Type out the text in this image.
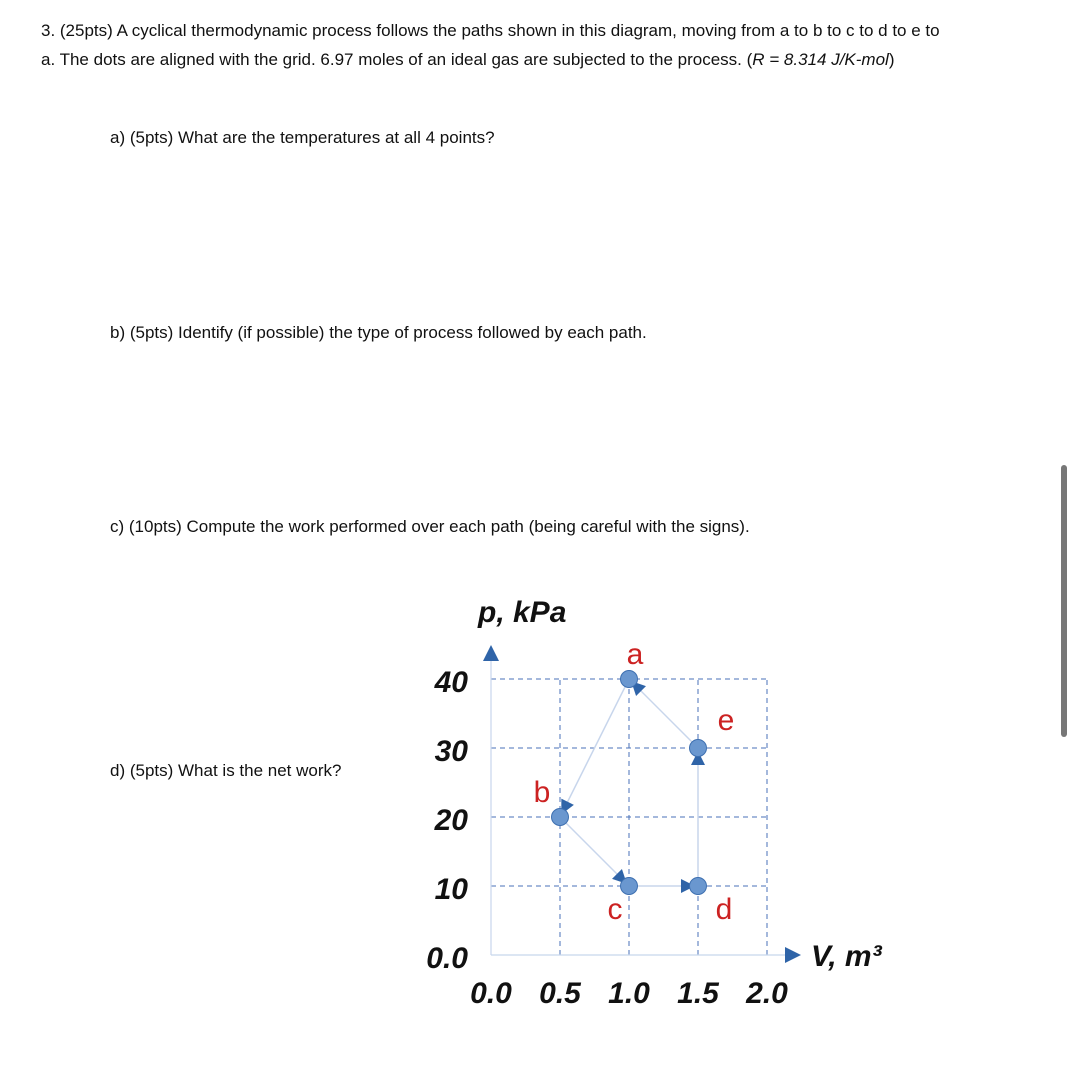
3. (25pts) A cyclical thermodynamic process follows the paths shown in this diagram, moving from a to b to c to d to e to a. The dots are aligned with the grid. 6.97 moles of an ideal gas are subjected to the process. (R = 8.314 J/K-mol)
a) (5pts) What are the temperatures at all 4 points?
b) (5pts) Identify (if possible) the type of process followed by each path.
c) (10pts) Compute the work performed over each path (being careful with the signs).
d) (5pts) What is the net work?
p, kPa
V, m³
0.0
10
20
30
40
0.0 0.5 1.0 1.5 2.0
a
b
c	d
e
